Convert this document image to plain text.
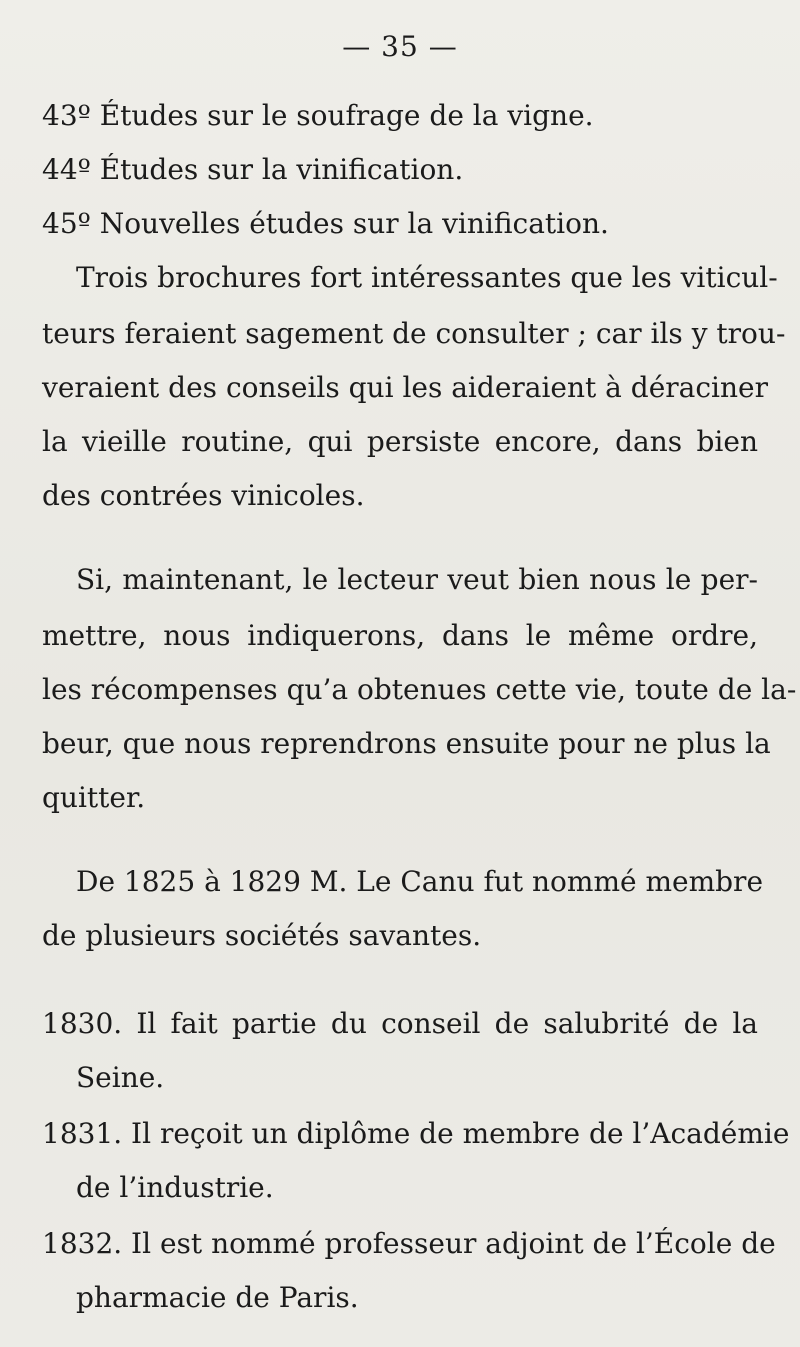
— 35 —
43º Études sur le soufrage de la vigne.
44º Études sur la vinification.
45º Nouvelles études sur la vinification.
Trois brochures fort intéressantes que les viticul-
teurs feraient sagement de consulter ; car ils y trou-
veraient des conseils qui les aideraient à déraciner
la vieille routine, qui persiste encore, dans bien
des contrées vinicoles.
Si, maintenant, le lecteur veut bien nous le per-
mettre, nous indiquerons, dans le même ordre,
les récompenses qu’a obtenues cette vie, toute de la-
beur, que nous reprendrons ensuite pour ne plus la
quitter.
De 1825 à 1829 M. Le Canu fut nommé membre
de plusieurs sociétés savantes.
1830. Il fait partie du conseil de salubrité de la
Seine.
1831. Il reçoit un diplôme de membre de l’Académie
de l’industrie.
1832. Il est nommé professeur adjoint de l’École de
pharmacie de Paris.
